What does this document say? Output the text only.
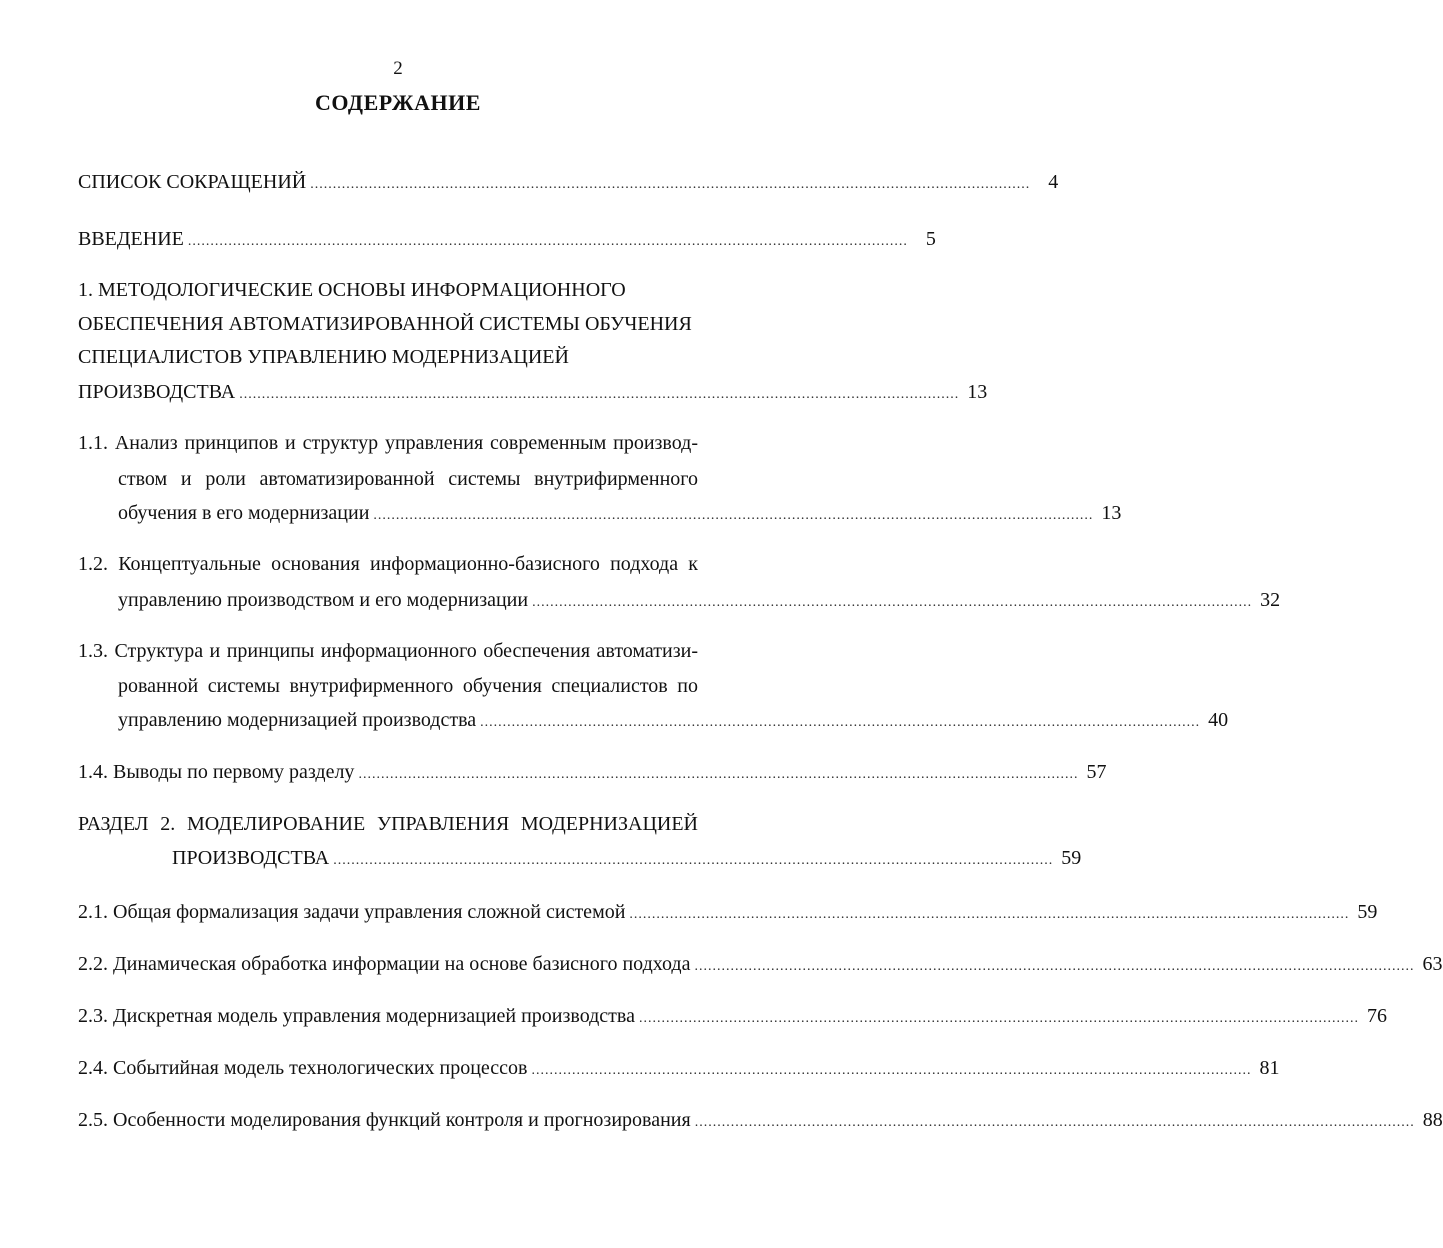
2
СОДЕРЖАНИЕ
СПИСОК СОКРАЩЕНИЙ ................................................................................................................................................................ 4
ВВЕДЕНИЕ ................................................................................................................................................................ 5
1. МЕТОДОЛОГИЧЕСКИЕ ОСНОВЫ ИНФОРМАЦИОННОГО
ОБЕСПЕЧЕНИЯ АВТОМАТИЗИРОВАННОЙ СИСТЕМЫ ОБУЧЕНИЯ
СПЕЦИАЛИСТОВ УПРАВЛЕНИЮ МОДЕРНИЗАЦИЕЙ
ПРОИЗВОДСТВА ................................................................................................................................................................ 13
1.1. Анализ принципов и структур управления современным производ-
ством и роли автоматизированной системы внутрифирменного
обучения в его модернизации ................................................................................................................................................................ 13
1.2. Концептуальные основания информационно-базисного подхода к
управлению производством и его модернизации ................................................................................................................................................................ 32
1.3. Структура и принципы информационного обеспечения автоматизи-
рованной системы внутрифирменного обучения специалистов по
управлению модернизацией производства ................................................................................................................................................................ 40
1.4. Выводы по первому разделу ................................................................................................................................................................ 57
РАЗДЕЛ 2. МОДЕЛИРОВАНИЕ УПРАВЛЕНИЯ МОДЕРНИЗАЦИЕЙ
ПРОИЗВОДСТВА ................................................................................................................................................................ 59
2.1. Общая формализация задачи управления сложной системой ................................................................................................................................................................ 59
2.2. Динамическая обработка информации на основе базисного подхода ................................................................................................................................................................ 63
2.3. Дискретная модель управления модернизацией производства ................................................................................................................................................................ 76
2.4. Событийная модель технологических процессов ................................................................................................................................................................ 81
2.5. Особенности моделирования функций контроля и прогнозирования ................................................................................................................................................................ 88
